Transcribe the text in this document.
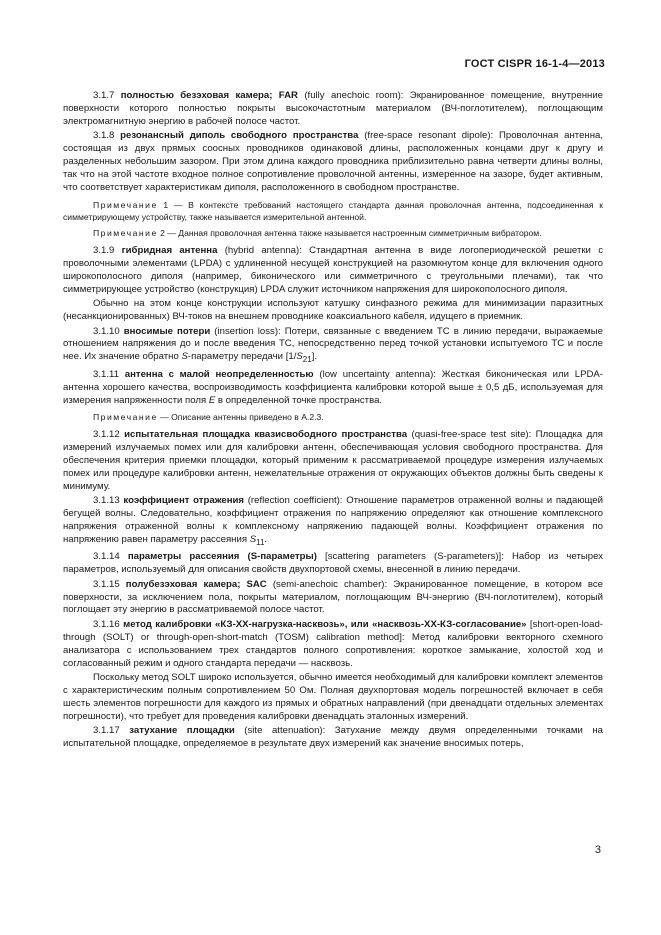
ГОСТ CISPR 16-1-4—2013

3.1.7 полностью безэховая камера; FAR (fully anechoic room): Экранированное помещение, внутренние поверхности которого полностью покрыты высокочастотным материалом (ВЧ-поглотителем), поглощающим электромагнитную энергию в рабочей полосе частот.

3.1.8 резонансный диполь свободного пространства (free-space resonant dipole): Проволочная антенна, состоящая из двух прямых соосных проводников одинаковой длины, расположенных концами друг к другу и разделенных небольшим зазором. При этом длина каждого проводника приблизительно равна четверти длины волны, так что на этой частоте входное полное сопротивление проволочной антенны, измеренное на зазоре, будет активным, что соответствует характеристикам диполя, расположенного в свободном пространстве.

Примечание 1 — В контексте требований настоящего стандарта данная проволочная антенна, подсоединенная к симметрирующему устройству, также называется измерительной антенной.

Примечание 2 — Данная проволочная антенна также называется настроенным симметричным вибратором.

3.1.9 гибридная антенна (hybrid antenna): Стандартная антенна в виде логопериодической решетки с проволочными элементами (LPDA) с удлиненной несущей конструкцией на разомкнутом конце для включения одного широкополосного диполя (например, биконического или симметричного с треугольными плечами), так что симметрирующее устройство (конструкция) LPDA служит источником напряжения для широкополосного диполя.

Обычно на этом конце конструкции используют катушку синфазного режима для минимизации паразитных (несанкционированных) ВЧ-токов на внешнем проводнике коаксиального кабеля, идущего в приемник.

3.1.10 вносимые потери (insertion loss): Потери, связанные с введением ТС в линию передачи, выражаемые отношением напряжения до и после введения ТС, непосредственно перед точкой установки испытуемого ТС и после нее. Их значение обратно S-параметру передачи $[1/S_{21}]$.

3.1.11 антенна с малой неопределенностью (low uncertainty antenna): Жесткая биконическая или LPDA-антенна хорошего качества, воспроизводимость коэффициента калибровки которой выше ± 0,5 дБ, используемая для измерения напряженности поля E в определенной точке пространства.

Примечание — Описание антенны приведено в А.2.3.

3.1.12 испытательная площадка квазисвободного пространства (quasi-free-space test site): Площадка для измерений излучаемых помех или для калибровки антенн, обеспечивающая условия свободного пространства. Для обеспечения критерия приемки площадки, который применим к рассматриваемой процедуре измерения излучаемых помех или процедуре калибровки антенн, нежелательные отражения от окружающих объектов должны быть сведены к минимуму.

3.1.13 коэффициент отражения (reflection coefficient): Отношение параметров отраженной волны и падающей бегущей волны. Следовательно, коэффициент отражения по напряжению определяют как отношение комплексного напряжения отраженной волны к комплексному напряжению падающей волны. Коэффициент отражения по напряжению равен параметру рассеяния $S_{11}$.

3.1.14 параметры рассеяния (S-параметры) [scattering parameters (S-parameters)]: Набор из четырех параметров, используемый для описания свойств двухпортовой схемы, внесенной в линию передачи.

3.1.15 полубезэховая камера; SAC (semi-anechoic chamber): Экранированное помещение, в котором все поверхности, за исключением пола, покрыты материалом, поглощающим ВЧ-энергию (ВЧ-поглотителем), который поглощает эту энергию в рассматриваемой полосе частот.

3.1.16 метод калибровки «КЗ-ХХ-нагрузка-насквозь», или «насквозь-ХХ-КЗ-согласование» [short-open-load-through (SOLT) or through-open-short-match (TOSM) calibration method]: Метод калибровки векторного схемного анализатора с использованием трех стандартов полного сопротивления: короткое замыкание, холостой ход и согласованный режим и одного стандарта передачи — насквозь.

Поскольку метод SOLT широко используется, обычно имеется необходимый для калибровки комплект элементов с характеристическим полным сопротивлением 50 Ом. Полная двухпортовая модель погрешностей включает в себя шесть элементов погрешности для каждого из прямых и обратных направлений (при двенадцати отдельных элементах погрешности), что требует для проведения калибровки двенадцать эталонных измерений.

3.1.17 затухание площадки (site attenuation): Затухание между двумя определенными точками на испытательной площадке, определяемое в результате двух измерений как значение вносимых потерь,

3
